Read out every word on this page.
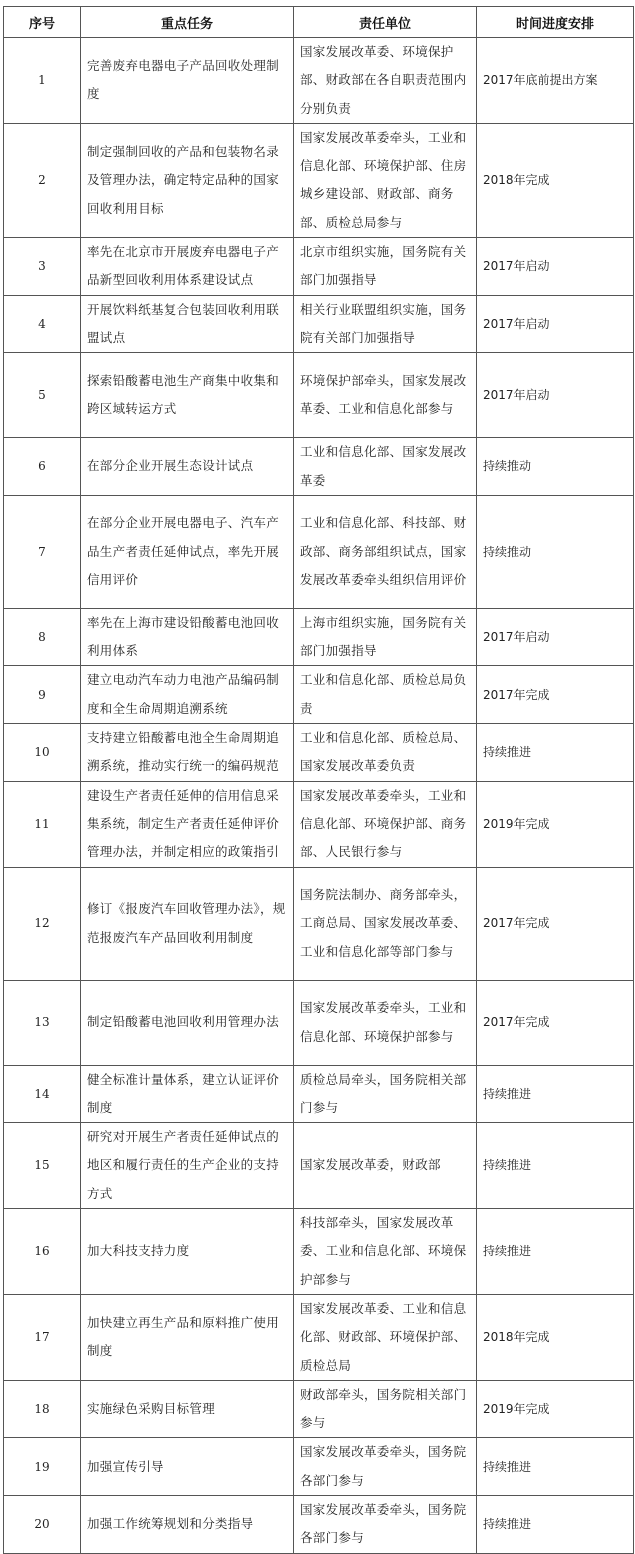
序号	重点任务	责任单位	时间进度安排
1	完善废弃电器电子产品回收处理制度	国家发展改革委、环境保护部、财政部在各自职责范围内分别负责	2017年底前提出方案
2	制定强制回收的产品和包装物名录及管理办法，确定特定品种的国家回收利用目标	国家发展改革委牵头，工业和信息化部、环境保护部、住房城乡建设部、财政部、商务部、质检总局参与	2018年完成
3	率先在北京市开展废弃电器电子产品新型回收利用体系建设试点	北京市组织实施，国务院有关部门加强指导	2017年启动
4	开展饮料纸基复合包装回收利用联盟试点	相关行业联盟组织实施，国务院有关部门加强指导	2017年启动
5	探索铅酸蓄电池生产商集中收集和跨区域转运方式	环境保护部牵头，国家发展改革委、工业和信息化部参与	2017年启动
6	在部分企业开展生态设计试点	工业和信息化部、国家发展改革委	持续推动
7	在部分企业开展电器电子、汽车产品生产者责任延伸试点，率先开展信用评价	工业和信息化部、科技部、财政部、商务部组织试点，国家发展改革委牵头组织信用评价	持续推动
8	率先在上海市建设铅酸蓄电池回收利用体系	上海市组织实施，国务院有关部门加强指导	2017年启动
9	建立电动汽车动力电池产品编码制度和全生命周期追溯系统	工业和信息化部、质检总局负责	2017年完成
10	支持建立铅酸蓄电池全生命周期追溯系统，推动实行统一的编码规范	工业和信息化部、质检总局、国家发展改革委负责	持续推进
11	建设生产者责任延伸的信用信息采集系统，制定生产者责任延伸评价管理办法，并制定相应的政策指引	国家发展改革委牵头，工业和信息化部、环境保护部、商务部、人民银行参与	2019年完成
12	修订《报废汽车回收管理办法》，规范报废汽车产品回收利用制度	国务院法制办、商务部牵头，工商总局、国家发展改革委、工业和信息化部等部门参与	2017年完成
13	制定铅酸蓄电池回收利用管理办法	国家发展改革委牵头，工业和信息化部、环境保护部参与	2017年完成
14	健全标准计量体系，建立认证评价制度	质检总局牵头，国务院相关部门参与	持续推进
15	研究对开展生产者责任延伸试点的地区和履行责任的生产企业的支持方式	国家发展改革委，财政部	持续推进
16	加大科技支持力度	科技部牵头，国家发展改革委、工业和信息化部、环境保护部参与	持续推进
17	加快建立再生产品和原料推广使用制度	国家发展改革委、工业和信息化部、财政部、环境保护部、质检总局	2018年完成
18	实施绿色采购目标管理	财政部牵头，国务院相关部门参与	2019年完成
19	加强宣传引导	国家发展改革委牵头，国务院各部门参与	持续推进
20	加强工作统筹规划和分类指导	国家发展改革委牵头，国务院各部门参与	持续推进
